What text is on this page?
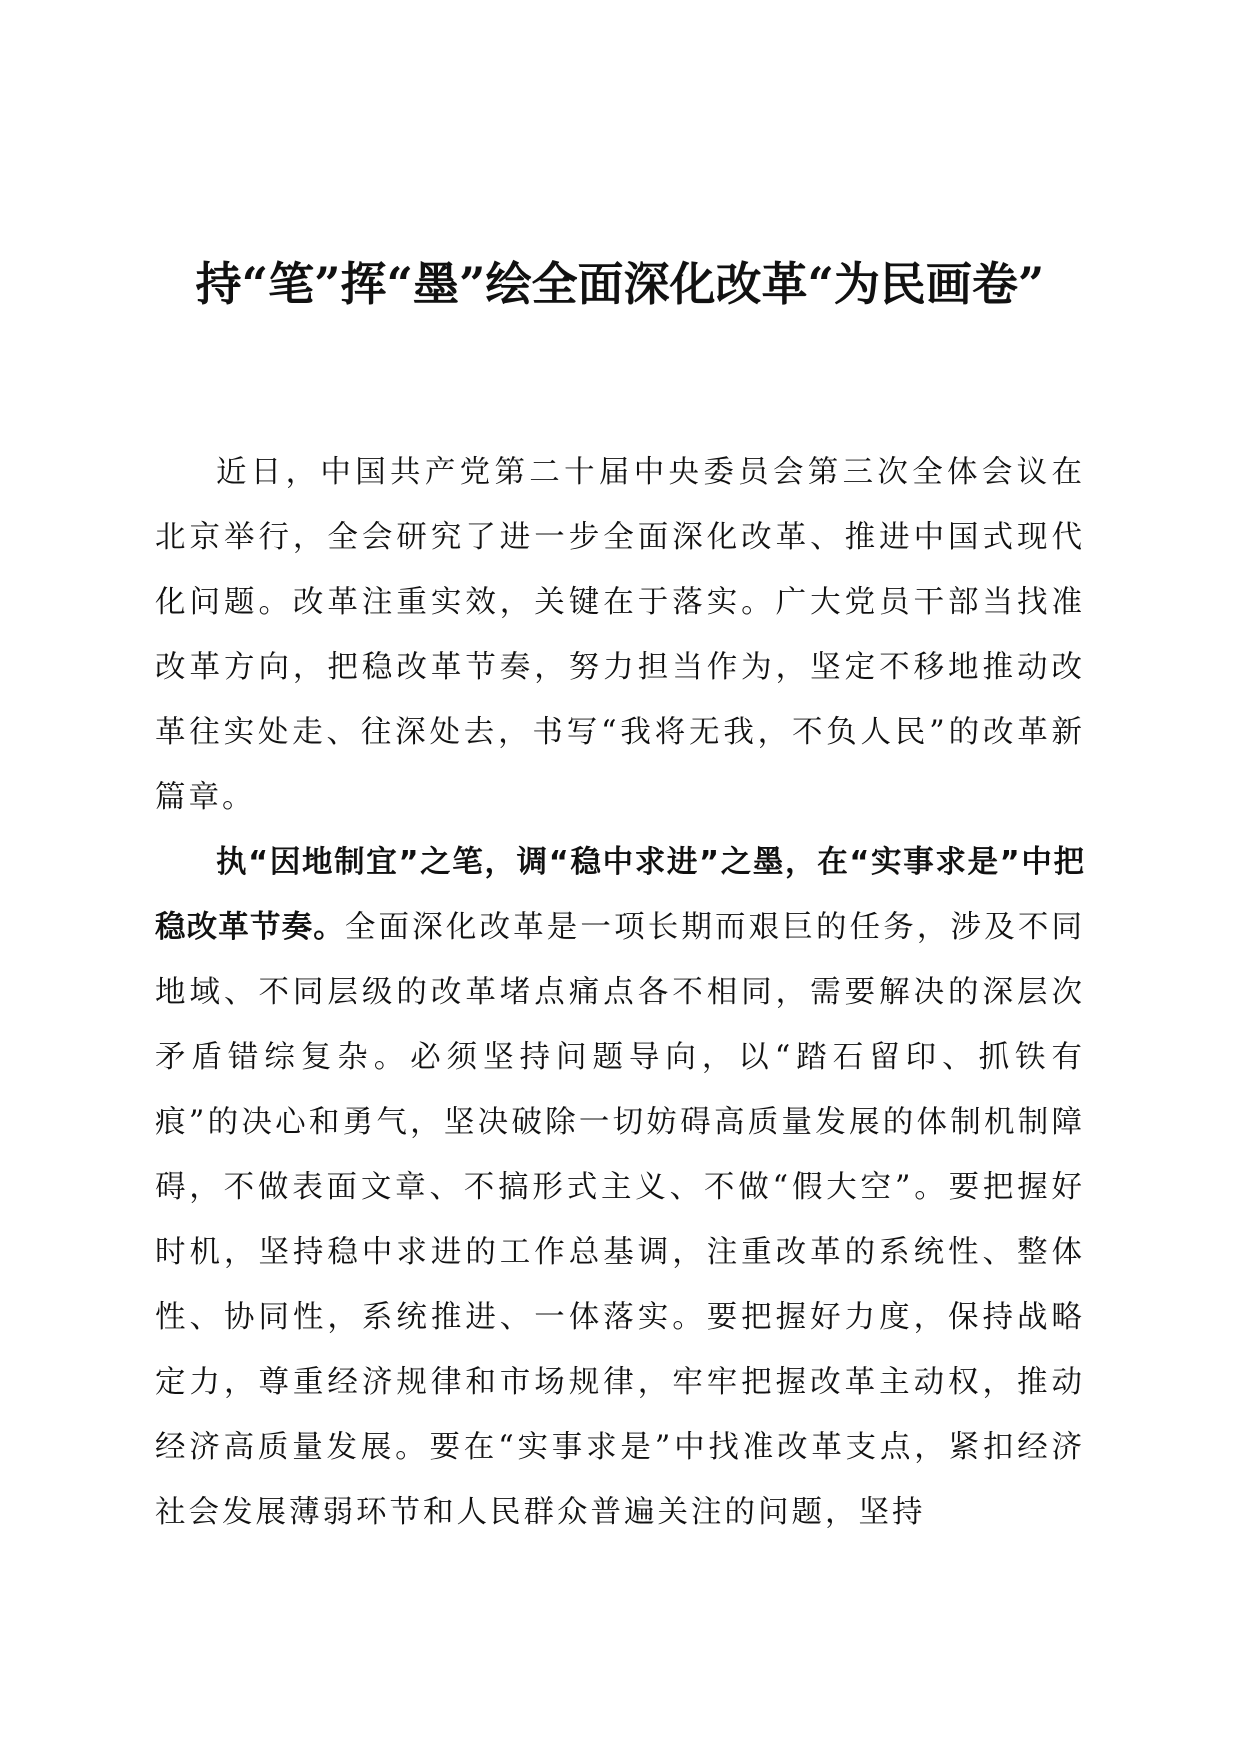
持“笔”挥“墨”绘全面深化改革“为民画卷”

近日，中国共产党第二十届中央委员会第三次全体会议在北京举行，全会研究了进一步全面深化改革、推进中国式现代化问题。改革注重实效，关键在于落实。广大党员干部当找准改革方向，把稳改革节奏，努力担当作为，坚定不移地推动改革往实处走、往深处去，书写“我将无我，不负人民”的改革新篇章。

执“因地制宜”之笔，调“稳中求进”之墨，在“实事求是”中把稳改革节奏。全面深化改革是一项长期而艰巨的任务，涉及不同地域、不同层级的改革堵点痛点各不相同，需要解决的深层次矛盾错综复杂。必须坚持问题导向，以“踏石留印、抓铁有痕”的决心和勇气，坚决破除一切妨碍高质量发展的体制机制障碍，不做表面文章、不搞形式主义、不做“假大空”。要把握好时机，坚持稳中求进的工作总基调，注重改革的系统性、整体性、协同性，系统推进、一体落实。要把握好力度，保持战略定力，尊重经济规律和市场规律，牢牢把握改革主动权，推动经济高质量发展。要在“实事求是”中找准改革支点，紧扣经济社会发展薄弱环节和人民群众普遍关注的问题，坚持
